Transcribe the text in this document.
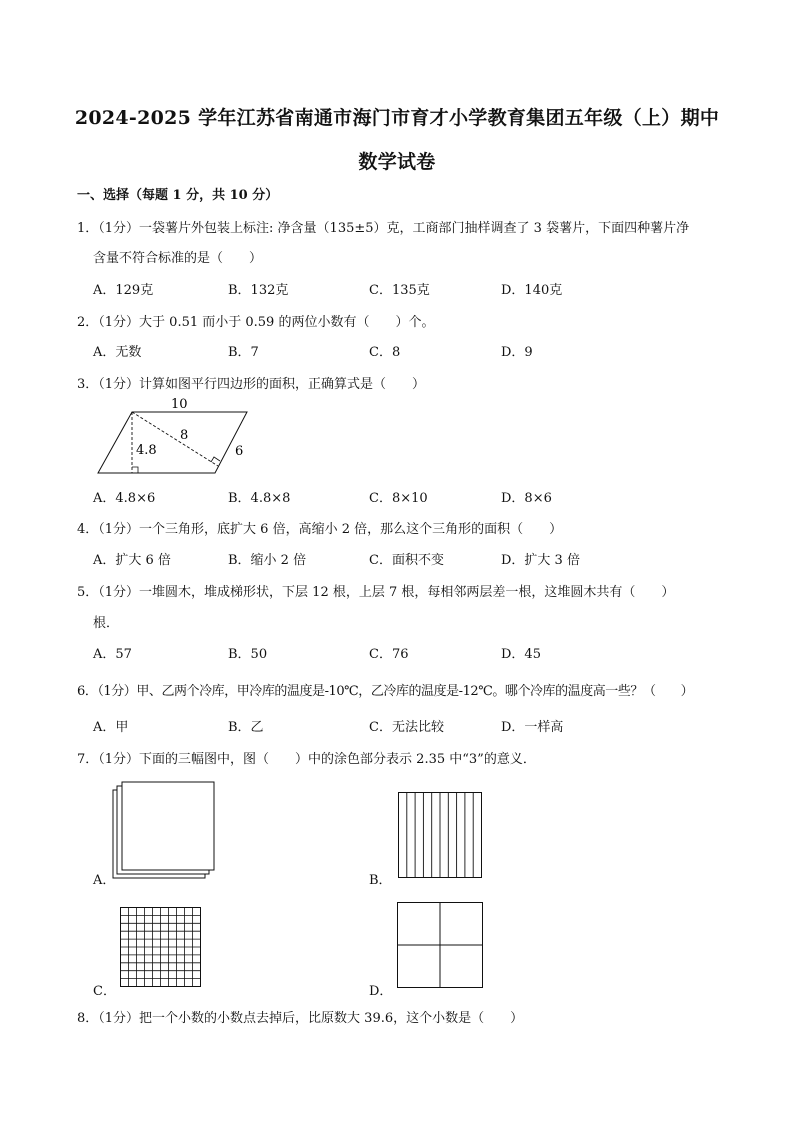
2024-2025 学年江苏省南通市海门市育才小学教育集团五年级（上）期中
数学试卷
一、选择（每题 1 分，共 10 分）
1．（1分）一袋薯片外包装上标注: 净含量（135±5）克，工商部门抽样调查了 3 袋薯片，下面四种薯片净
含量不符合标准的是（　　）
A．129克	B．132克	C．135克	D．140克
2．（1分）大于 0.51 而小于 0.59 的两位小数有（　　）个。
A．无数	B．7	C．8	D．9
3．（1分）计算如图平行四边形的面积，正确算式是（　　）
10
8
4.8	6
A．4.8×6	B．4.8×8	C．8×10	D．8×6
4．（1分）一个三角形，底扩大 6 倍，高缩小 2 倍，那么这个三角形的面积（　　）
A．扩大 6 倍	B．缩小 2 倍	C．面积不变	D．扩大 3 倍
5．（1分）一堆圆木，堆成梯形状，下层 12 根，上层 7 根，每相邻两层差一根，这堆圆木共有（　　）
根．
A．57	B．50	C．76	D．45
6．（1分）甲、乙两个冷库，甲冷库的温度是-10℃，乙冷库的温度是-12℃。哪个冷库的温度高一些？（　　）
A．甲	B．乙	C．无法比较	D．一样高
7．（1分）下面的三幅图中，图（　　）中的涂色部分表示 2.35 中“3”的意义．
A．	B．
C．	D．
8．（1分）把一个小数的小数点去掉后，比原数大 39.6，这个小数是（　　）
